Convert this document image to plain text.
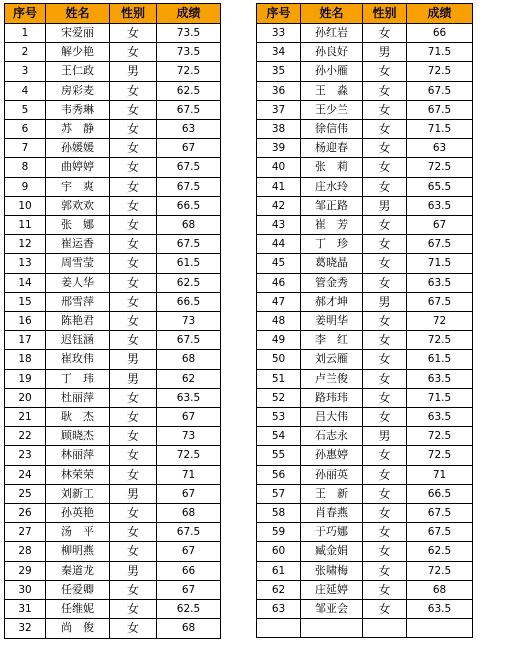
序号	姓名	性别	成绩
1	宋爱丽	女	73.5
2	解少艳	女	73.5
3	王仁政	男	72.5
4	房彩麦	女	62.5
5	韦秀琳	女	67.5
6	苏　静	女	63
7	孙媛媛	女	67
8	曲婷婷	女	67.5
9	宇　爽	女	67.5
10	郭欢欢	女	66.5
11	张　娜	女	68
12	崔运香	女	67.5
13	周雪莹	女	61.5
14	姜人华	女	62.5
15	邢雪萍	女	66.5
16	陈艳君	女	73
17	迟钰涵	女	67.5
18	崔玫伟	男	68
19	丁　玮	男	62
20	杜丽萍	女	63.5
21	耿　杰	女	67
22	顾晓杰	女	73
23	林丽萍	女	72.5
24	林荣荣	女	71
25	刘新工	男	67
26	孙英艳	女	68
27	汤　平	女	67.5
28	柳明燕	女	67
29	秦道龙	男	66
30	任爱卿	女	67
31	任维妮	女	62.5
32	尚　俊	女	68
序号	姓名	性别	成绩
33	孙红岩	女	66
34	孙良好	男	71.5
35	孙小雁	女	72.5
36	王　淼	女	67.5
37	王少兰	女	67.5
38	徐信伟	女	71.5
39	杨迎春	女	63
40	张　莉	女	72.5
41	庄水玲	女	65.5
42	邹正路	男	63.5
43	崔　芳	女	67
44	丁　珍	女	67.5
45	葛晓晶	女	71.5
46	管金秀	女	63.5
47	郝才坤	男	67.5
48	姜明华	女	72
49	李　红	女	72.5
50	刘云雁	女	61.5
51	卢兰俊	女	63.5
52	路玮玮	女	71.5
53	吕大伟	女	63.5
54	石志永	男	72.5
55	孙惠婷	女	72.5
56	孙丽英	女	71
57	王　新	女	66.5
58	肖春燕	女	67.5
59	于巧娜	女	67.5
60	臧金娟	女	62.5
61	张啸梅	女	72.5
62	庄延婷	女	68
63	邹亚会	女	63.5
